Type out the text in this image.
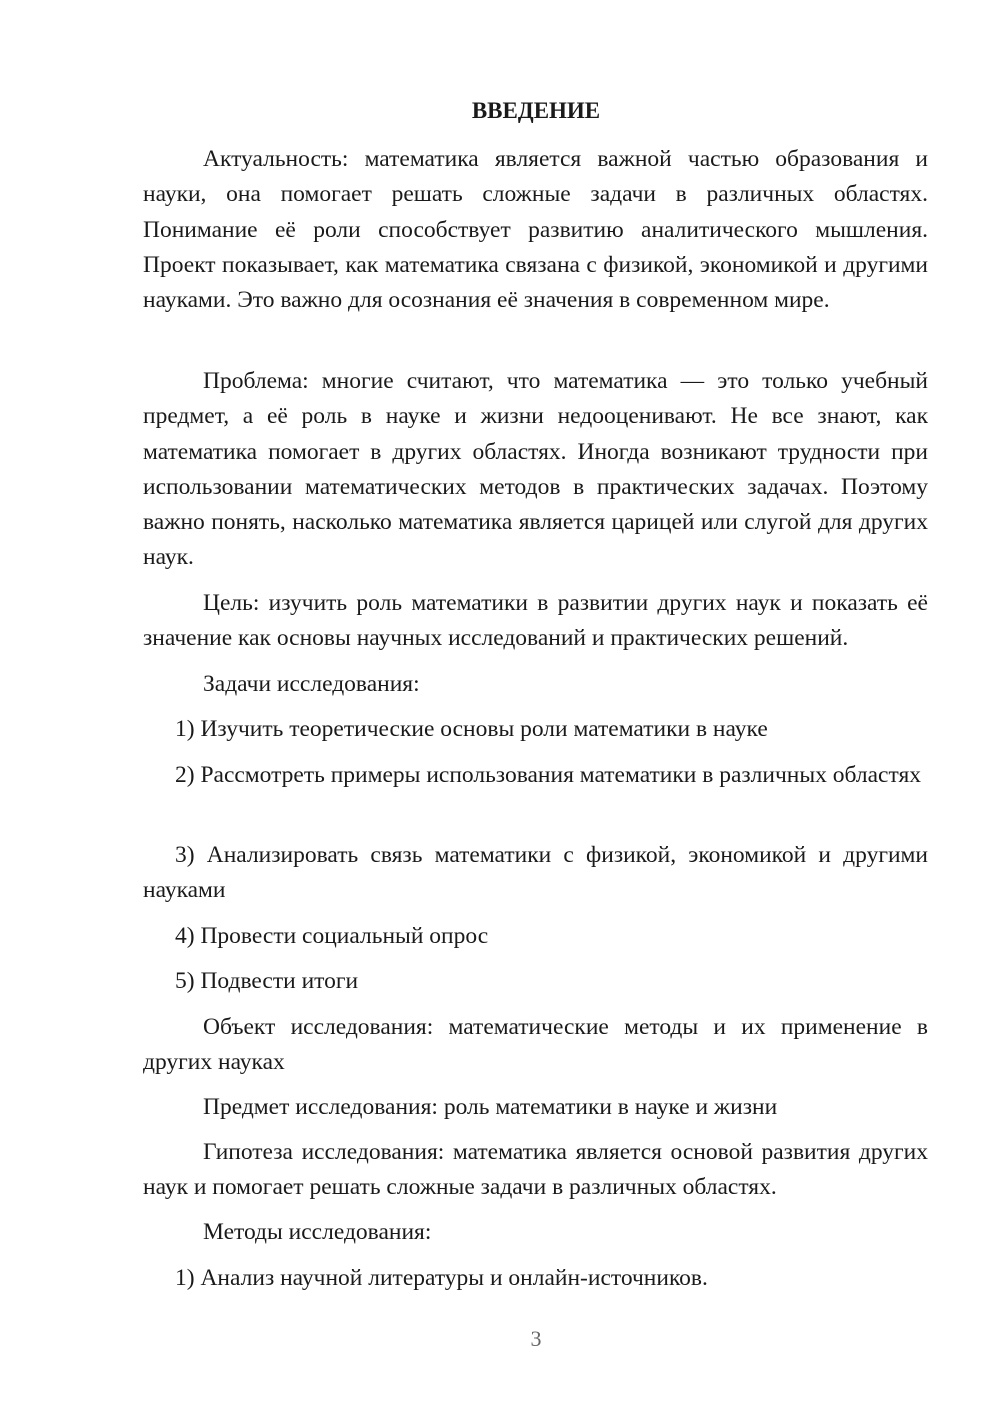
ВВЕДЕНИЕ

Актуальность: математика является важной частью образования и науки, она помогает решать сложные задачи в различных областях. Понимание её роли способствует развитию аналитического мышления. Проект показывает, как математика связана с физикой, экономикой и другими науками. Это важно для осознания её значения в современном мире.

Проблема: многие считают, что математика — это только учебный предмет, а её роль в науке и жизни недооценивают. Не все знают, как математика помогает в других областях. Иногда возникают трудности при использовании математических методов в практических задачах. Поэтому важно понять, насколько математика является царицей или слугой для других наук.

Цель: изучить роль математики в развитии других наук и показать её значение как основы научных исследований и практических решений.

Задачи исследования:

1) Изучить теоретические основы роли математики в науке

2) Рассмотреть примеры использования математики в различных областях

3) Анализировать связь математики с физикой, экономикой и другими науками

4) Провести социальный опрос

5) Подвести итоги

Объект исследования: математические методы и их применение в других науках

Предмет исследования: роль математики в науке и жизни

Гипотеза исследования: математика является основой развития других наук и помогает решать сложные задачи в различных областях.

Методы исследования:

1) Анализ научной литературы и онлайн-источников.

3
